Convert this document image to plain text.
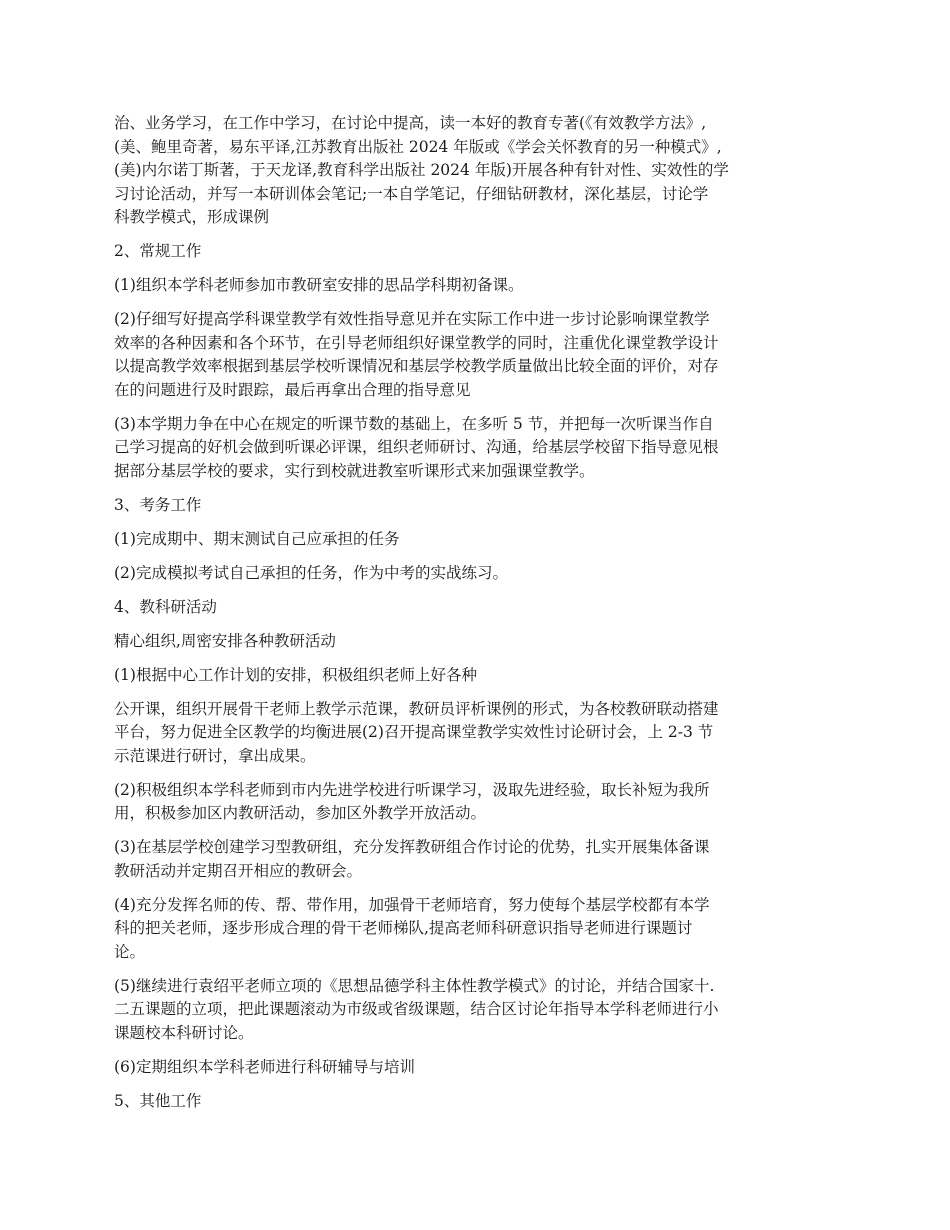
治、业务学习，在工作中学习，在讨论中提高，读一本好的教育专著(《有效教学方法》,
(美、鲍里奇著，易东平译,江苏教育出版社 2024 年版或《学会关怀教育的另一种模式》,
(美)内尔诺丁斯著，于天龙译,教育科学出版社 2024 年版)开展各种有针对性、实效性的学
习讨论活动，并写一本研训体会笔记;一本自学笔记，仔细钻研教材，深化基层，讨论学
科教学模式，形成课例

2、常规工作

(1)组织本学科老师参加市教研室安排的思品学科期初备课。

(2)仔细写好提高学科课堂教学有效性指导意见并在实际工作中进一步讨论影响课堂教学
效率的各种因素和各个环节，在引导老师组织好课堂教学的同时，注重优化课堂教学设计
以提高教学效率根据到基层学校听课情况和基层学校教学质量做出比较全面的评价，对存
在的问题进行及时跟踪，最后再拿出合理的指导意见

(3)本学期力争在中心在规定的听课节数的基础上，在多听 5 节，并把每一次听课当作自
己学习提高的好机会做到听课必评课，组织老师研讨、沟通，给基层学校留下指导意见根
据部分基层学校的要求，实行到校就进教室听课形式来加强课堂教学。

3、考务工作

(1)完成期中、期末测试自己应承担的任务

(2)完成模拟考试自己承担的任务，作为中考的实战练习。

4、教科研活动

精心组织,周密安排各种教研活动

(1)根据中心工作计划的安排，积极组织老师上好各种

公开课，组织开展骨干老师上教学示范课，教研员评析课例的形式，为各校教研联动搭建
平台，努力促进全区教学的均衡进展(2)召开提高课堂教学实效性讨论研讨会，上 2-3 节
示范课进行研讨，拿出成果。

(2)积极组织本学科老师到市内先进学校进行听课学习，汲取先进经验，取长补短为我所
用，积极参加区内教研活动，参加区外教学开放活动。

(3)在基层学校创建学习型教研组，充分发挥教研组合作讨论的优势，扎实开展集体备课
教研活动并定期召开相应的教研会。

(4)充分发挥名师的传、帮、带作用，加强骨干老师培育，努力使每个基层学校都有本学
科的把关老师，逐步形成合理的骨干老师梯队,提高老师科研意识指导老师进行课题讨
论。

(5)继续进行袁绍平老师立项的《思想品德学科主体性教学模式》的讨论，并结合国家十.
二五课题的立项，把此课题滚动为市级或省级课题，结合区讨论年指导本学科老师进行小
课题校本科研讨论。

(6)定期组织本学科老师进行科研辅导与培训

5、其他工作
